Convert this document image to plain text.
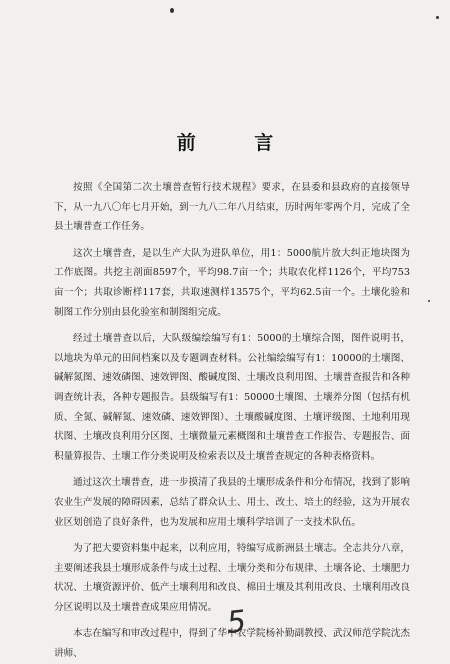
前 言

按照《全国第二次土壤普查暂行技术规程》要求，在县委和县政府的直接领导下，从一九八〇年七月开始，到一九八二年八月结束，历时两年零两个月，完成了全县土壤普查工作任务。

这次土壤普查，是以生产大队为进队单位，用1：5000航片放大纠正地块图为工作底图。共挖主剖面8597个，平均98.7亩一个；共取农化样1126个，平均753亩一个；共取诊断样117套，共取速测样13575个，平均62.5亩一个。土壤化验和制图工作分别由县化验室和制图组完成。

经过土壤普查以后，大队级编绘编写有1：5000的土壤综合图，图件说明书，以地块为单元的田间档案以及专题调查材料。公社编绘编写有1：10000的土壤图、碱解氮图、速效磷图、速效钾图、酸碱度图、土壤改良利用图、土壤普查报告和各种调查统计表，各种专题报告。县级编写有1：50000土壤图、土壤养分图（包括有机质、全氮、碱解氮、速效磷、速效钾图）、土壤酸碱度图、土壤评级图、土地利用现状图、土壤改良利用分区图、土壤微量元素概图和土壤普查工作报告、专题报告、面积量算报告、土壤工作分类说明及检索表以及土壤普查规定的各种表格资料。

通过这次土壤普查，进一步摸清了我县的土壤形成条件和分布情况，找到了影响农业生产发展的障碍因素，总结了群众认土、用土、改土、培土的经验，这为开展农业区划创造了良好条件，也为发展和应用土壤科学培训了一支技术队伍。

为了把大要资料集中起来，以利应用，特编写成新洲县土壤志。全志共分八章，主要阐述我县土壤形成条件与成土过程、土壤分类和分布规律、土壤各论、土壤肥力状况、土壤资源评价、低产土壤利用和改良、棉田土壤及其利用改良、土壤利用改良分区说明以及土壤普查成果应用情况。

本志在编写和审改过程中，得到了华中农学院杨补勤副教授、武汉师范学院沈杰讲师、

5
